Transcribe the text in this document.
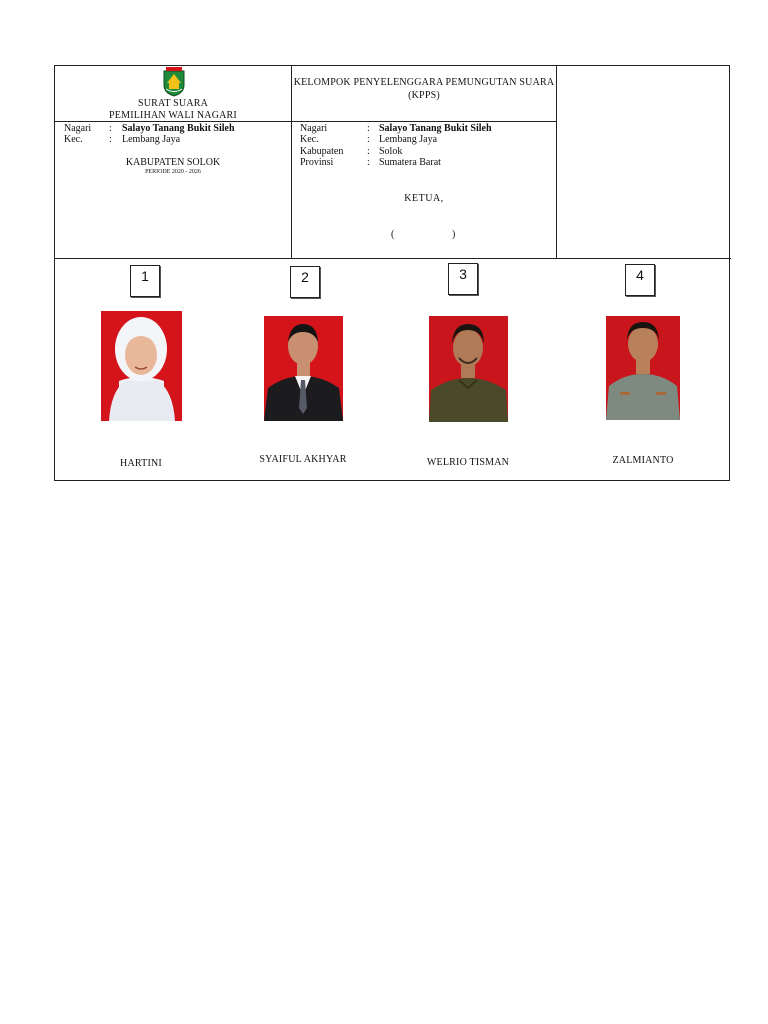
SURAT SUARA
PEMILIHAN WALI NAGARI
Nagari : Salayo Tanang Bukit Sileh
Kec.	: Lembang Jaya
KABUPATEN SOLOK
PERIODE 2020 - 2026
KELOMPOK PENYELENGGARA PEMUNGUTAN SUARA (KPPS)
Nagari	: Salayo Tanang Bukit Sileh
Kec.	: Lembang Jaya
Kabupaten : Solok
Provinsi	: Sumatera Barat
KETUA,
(	)
1
HARTINI
2
SYAIFUL AKHYAR
3
WELRIO TISMAN
4
ZALMIANTO
